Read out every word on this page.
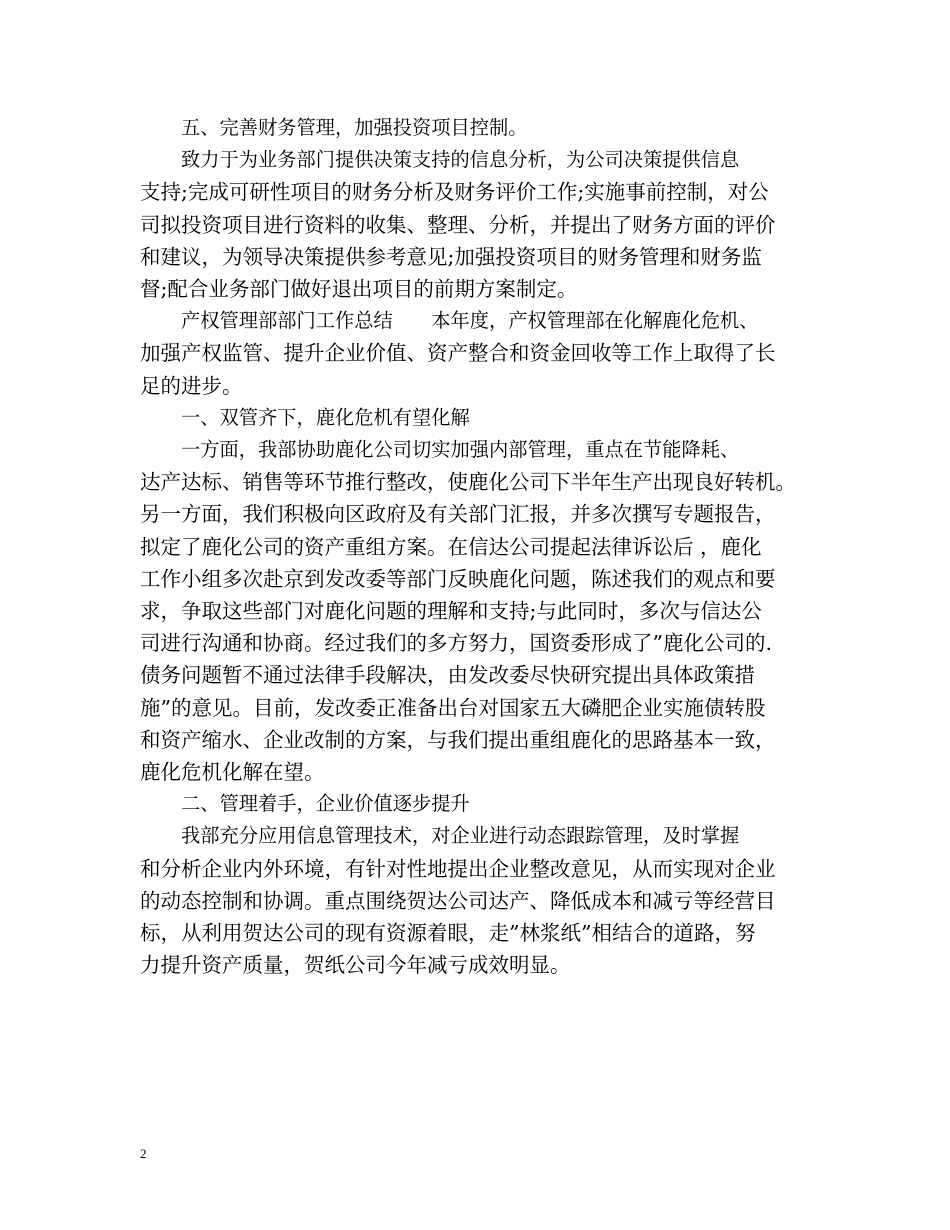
五、完善财务管理，加强投资项目控制。
致力于为业务部门提供决策支持的信息分析，为公司决策提供信息
支持;完成可研性项目的财务分析及财务评价工作;实施事前控制，对公
司拟投资项目进行资料的收集、整理、分析，并提出了财务方面的评价
和建议，为领导决策提供参考意见;加强投资项目的财务管理和财务监
督;配合业务部门做好退出项目的前期方案制定。
产权管理部部门工作总结　　本年度，产权管理部在化解鹿化危机、
加强产权监管、提升企业价值、资产整合和资金回收等工作上取得了长
足的进步。
一、双管齐下，鹿化危机有望化解
一方面，我部协助鹿化公司切实加强内部管理，重点在节能降耗、
达产达标、销售等环节推行整改，使鹿化公司下半年生产出现良好转机。
另一方面，我们积极向区政府及有关部门汇报，并多次撰写专题报告，
拟定了鹿化公司的资产重组方案。在信达公司提起法律诉讼后 ，鹿化
工作小组多次赴京到发改委等部门反映鹿化问题，陈述我们的观点和要
求，争取这些部门对鹿化问题的理解和支持;与此同时，多次与信达公
司进行沟通和协商。经过我们的多方努力，国资委形成了”鹿化公司的.
债务问题暂不通过法律手段解决，由发改委尽快研究提出具体政策措
施”的意见。目前，发改委正准备出台对国家五大磷肥企业实施债转股
和资产缩水、企业改制的方案，与我们提出重组鹿化的思路基本一致，
鹿化危机化解在望。
二、管理着手，企业价值逐步提升
我部充分应用信息管理技术，对企业进行动态跟踪管理，及时掌握
和分析企业内外环境，有针对性地提出企业整改意见，从而实现对企业
的动态控制和协调。重点围绕贺达公司达产、降低成本和减亏等经营目
标，从利用贺达公司的现有资源着眼，走”林浆纸”相结合的道路，努
力提升资产质量，贺纸公司今年减亏成效明显。
2
